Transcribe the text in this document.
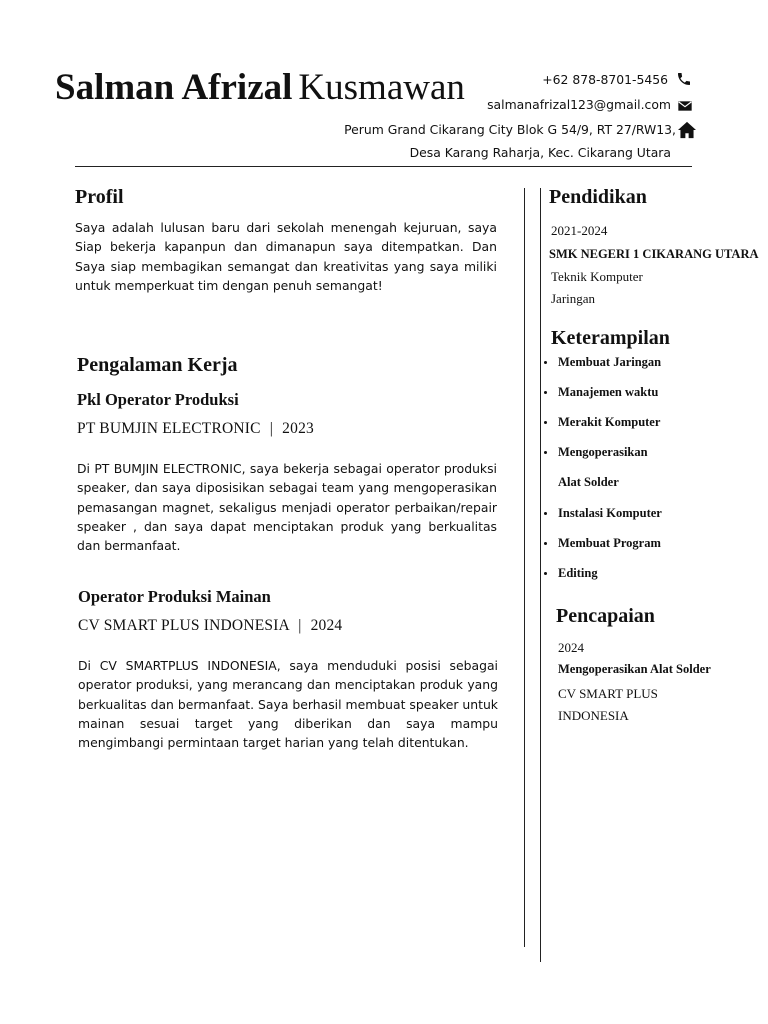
Salman Afrizal Kusmawan	+62 878-8701-5456
salmanafrizal123@gmail.com
Perum Grand Cikarang City Blok G 54/9, RT 27/RW13,
Desa Karang Raharja, Kec. Cikarang Utara
Profil
Saya adalah lulusan baru dari sekolah menengah kejuruan, saya Siap bekerja kapanpun dan dimanapun saya ditempatkan. Dan Saya siap membagikan semangat dan kreativitas yang saya miliki untuk memperkuat tim dengan penuh semangat!
Pengalaman Kerja
Pkl Operator Produksi
PT BUMJIN ELECTRONIC | 2023
Di PT BUMJIN ELECTRONIC, saya bekerja sebagai operator produksi speaker, dan saya diposisikan sebagai team yang mengoperasikan pemasangan magnet, sekaligus menjadi operator perbaikan/repair speaker , dan saya dapat menciptakan produk yang berkualitas dan bermanfaat.
Operator Produksi Mainan
CV SMART PLUS INDONESIA | 2024
Di CV SMARTPLUS INDONESIA, saya menduduki posisi sebagai operator produksi, yang merancang dan menciptakan produk yang berkualitas dan bermanfaat. Saya berhasil membuat speaker untuk mainan sesuai target yang diberikan dan saya mampu mengimbangi permintaan target harian yang telah ditentukan.
Pendidikan
2021-2024
SMK NEGERI 1 CIKARANG UTARA
Teknik Komputer
Jaringan
Keterampilan
Membuat Jaringan
Manajemen waktu
Merakit Komputer
Mengoperasikan
Alat Solder
Instalasi Komputer
Membuat Program
Editing
Pencapaian
2024
Mengoperasikan Alat Solder
CV SMART PLUS
INDONESIA
